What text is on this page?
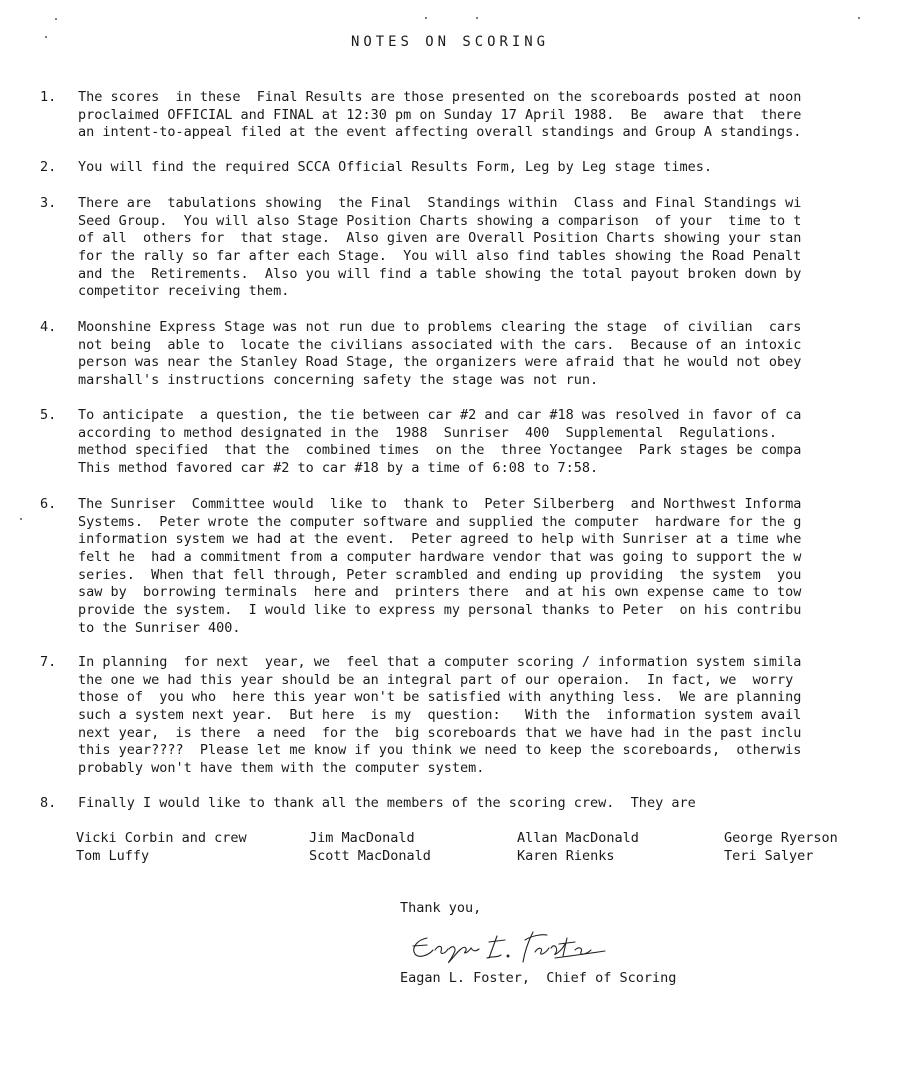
NOTES ON SCORING
1. The scores  in these  Final Results are those presented on the scoreboards posted at noon
proclaimed OFFICIAL and FINAL at 12:30 pm on Sunday 17 April 1988.  Be  aware that  there
an intent-to-appeal filed at the event affecting overall standings and Group A standings.
2. You will find the required SCCA Official Results Form, Leg by Leg stage times.
3. There are  tabulations showing  the Final  Standings within  Class and Final Standings wi
Seed Group.  You will also Stage Position Charts showing a comparison  of your  time to t
of all  others for  that stage.  Also given are Overall Position Charts showing your stan
for the rally so far after each Stage.  You will also find tables showing the Road Penalt
and the  Retirements.  Also you will find a table showing the total payout broken down by
competitor receiving them.
4. Moonshine Express Stage was not run due to problems clearing the stage  of civilian  cars
not being  able to  locate the civilians associated with the cars.  Because of an intoxic
person was near the Stanley Road Stage, the organizers were afraid that he would not obey
marshall's instructions concerning safety the stage was not run.
5. To anticipate  a question, the tie between car #2 and car #18 was resolved in favor of ca
according to method designated in the  1988  Sunriser  400  Supplemental  Regulations.
method specified  that the  combined times  on the  three Yoctangee  Park stages be compa
This method favored car #2 to car #18 by a time of 6:08 to 7:58.
6. The Sunriser  Committee would  like to  thank to  Peter Silberberg  and Northwest Informa
Systems.  Peter wrote the computer software and supplied the computer  hardware for the g
information system we had at the event.  Peter agreed to help with Sunriser at a time whe
felt he  had a commitment from a computer hardware vendor that was going to support the w
series.  When that fell through, Peter scrambled and ending up providing  the system  you
saw by  borrowing terminals  here and  printers there  and at his own expense came to tow
provide the system.  I would like to express my personal thanks to Peter  on his contribu
to the Sunriser 400.
7. In planning  for next  year, we  feel that a computer scoring / information system simila
the one we had this year should be an integral part of our operaion.  In fact, we  worry
those of  you who  here this year won't be satisfied with anything less.  We are planning
such a system next year.  But here  is my  question:   With the  information system avail
next year,  is there  a need  for the  big scoreboards that we have had in the past inclu
this year????  Please let me know if you think we need to keep the scoreboards,  otherwis
probably won't have them with the computer system.
8. Finally I would like to thank all the members of the scoring crew.  They are
Vicki Corbin and crew	Jim MacDonald	Allan MacDonald	George Ryerson
Tom Luffy	Scott MacDonald	Karen Rienks	Teri Salyer
Thank you,
Eagan L. Foster,  Chief of Scoring
